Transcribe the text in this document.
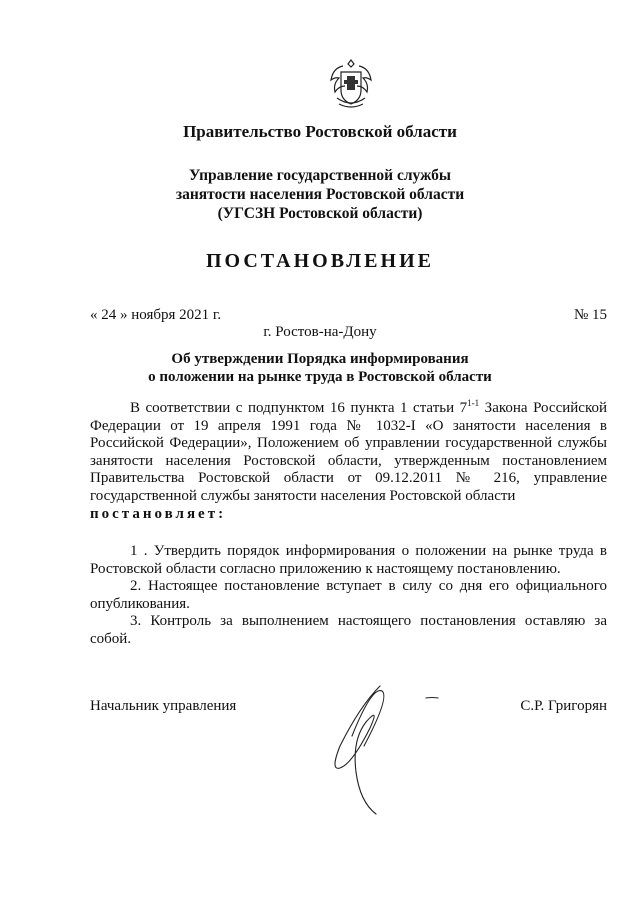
Правительство Ростовской области
Управление государственной службы
занятости населения Ростовской области
(УГСЗН Ростовской области)
ПОСТАНОВЛЕНИЕ
« 24 » ноября 2021 г.	№ 15
г. Ростов-на-Дону
Об утверждении Порядка информирования
о положении на рынке труда в Ростовской области
В соответствии с подпунктом 16 пункта 1 статьи 7$^{1-1}$ Закона Российской Федерации от 19 апреля 1991 года № 1032-I «О занятости населения в Российской Федерации», Положением об управлении государственной службы занятости населения Ростовской области, утвержденным постановлением Правительства Ростовской области от 09.12.2011 № 216, управление государственной службы занятости населения Ростовской области
постановляет:

1 . Утвердить порядок информирования о положении на рынке труда в Ростовской области согласно приложению к настоящему постановлению.

2. Настоящее постановление вступает в силу со дня его официального опубликования.

3. Контроль за выполнением настоящего постановления оставляю за собой.

Начальник управления	С.Р. Григорян
